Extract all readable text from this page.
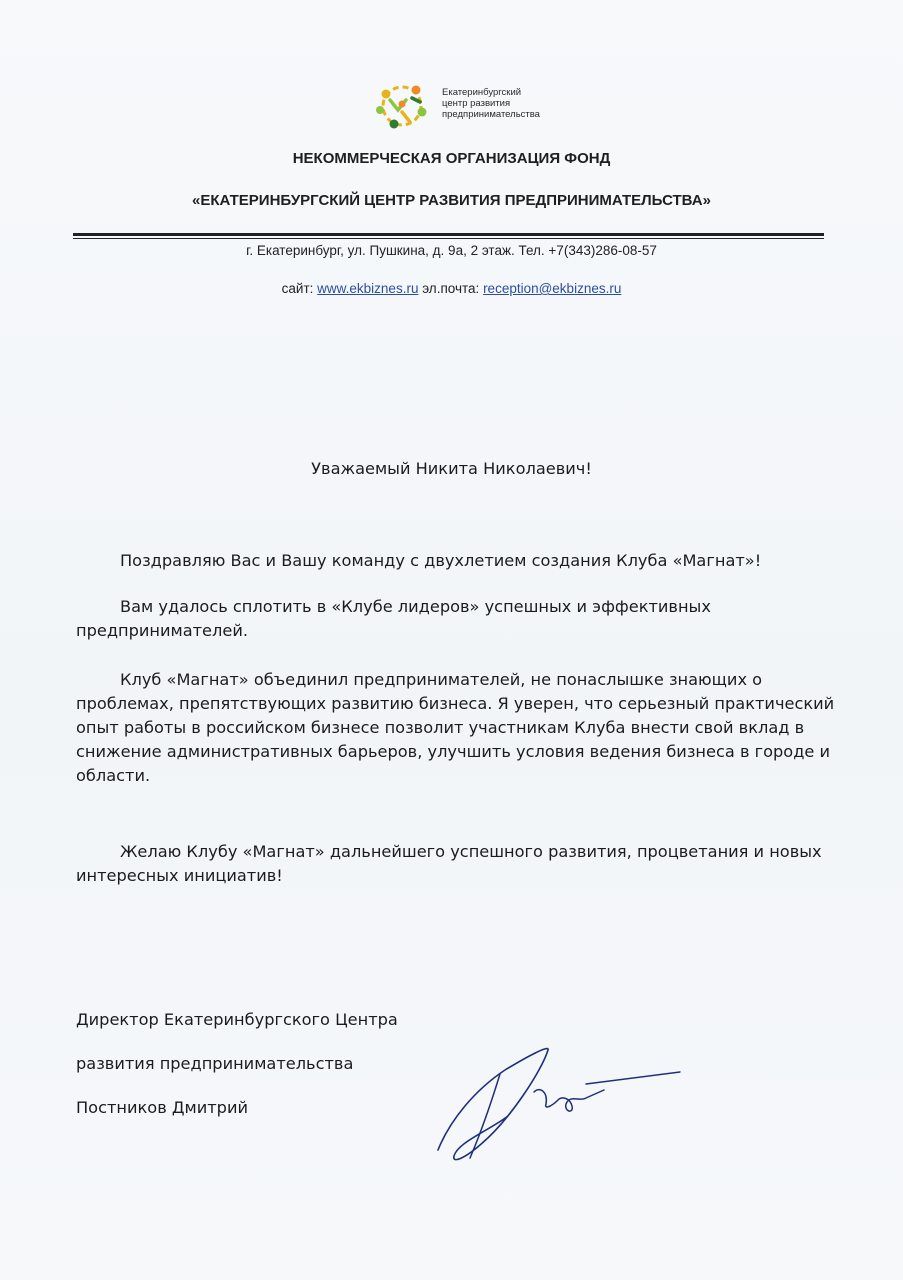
Екатеринбургский
центр развития
предпринимательства
НЕКОММЕРЧЕСКАЯ ОРГАНИЗАЦИЯ ФОНД
«ЕКАТЕРИНБУРГСКИЙ ЦЕНТР РАЗВИТИЯ ПРЕДПРИНИМАТЕЛЬСТВА»
г. Екатеринбург, ул. Пушкина, д. 9а, 2 этаж. Тел. +7(343)286-08-57
сайт: www.ekbiznes.ru эл.почта: reception@ekbiznes.ru
Уважаемый Никита Николаевич!

Поздравляю Вас и Вашу команду с двухлетием создания Клуба «Магнат»!

Вам удалось сплотить в «Клубе лидеров» успешных и эффективных предпринимателей.

Клуб «Магнат» объединил предпринимателей, не понаслышке знающих о проблемах, препятствующих развитию бизнеса. Я уверен, что серьезный практический опыт работы в российском бизнесе позволит участникам Клуба внести свой вклад в снижение административных барьеров, улучшить условия ведения бизнеса в городе и области.

Желаю Клубу «Магнат» дальнейшего успешного развития, процветания и новых интересных инициатив!

Директор Екатеринбургского Центра
развития предпринимательства
Постников Дмитрий
